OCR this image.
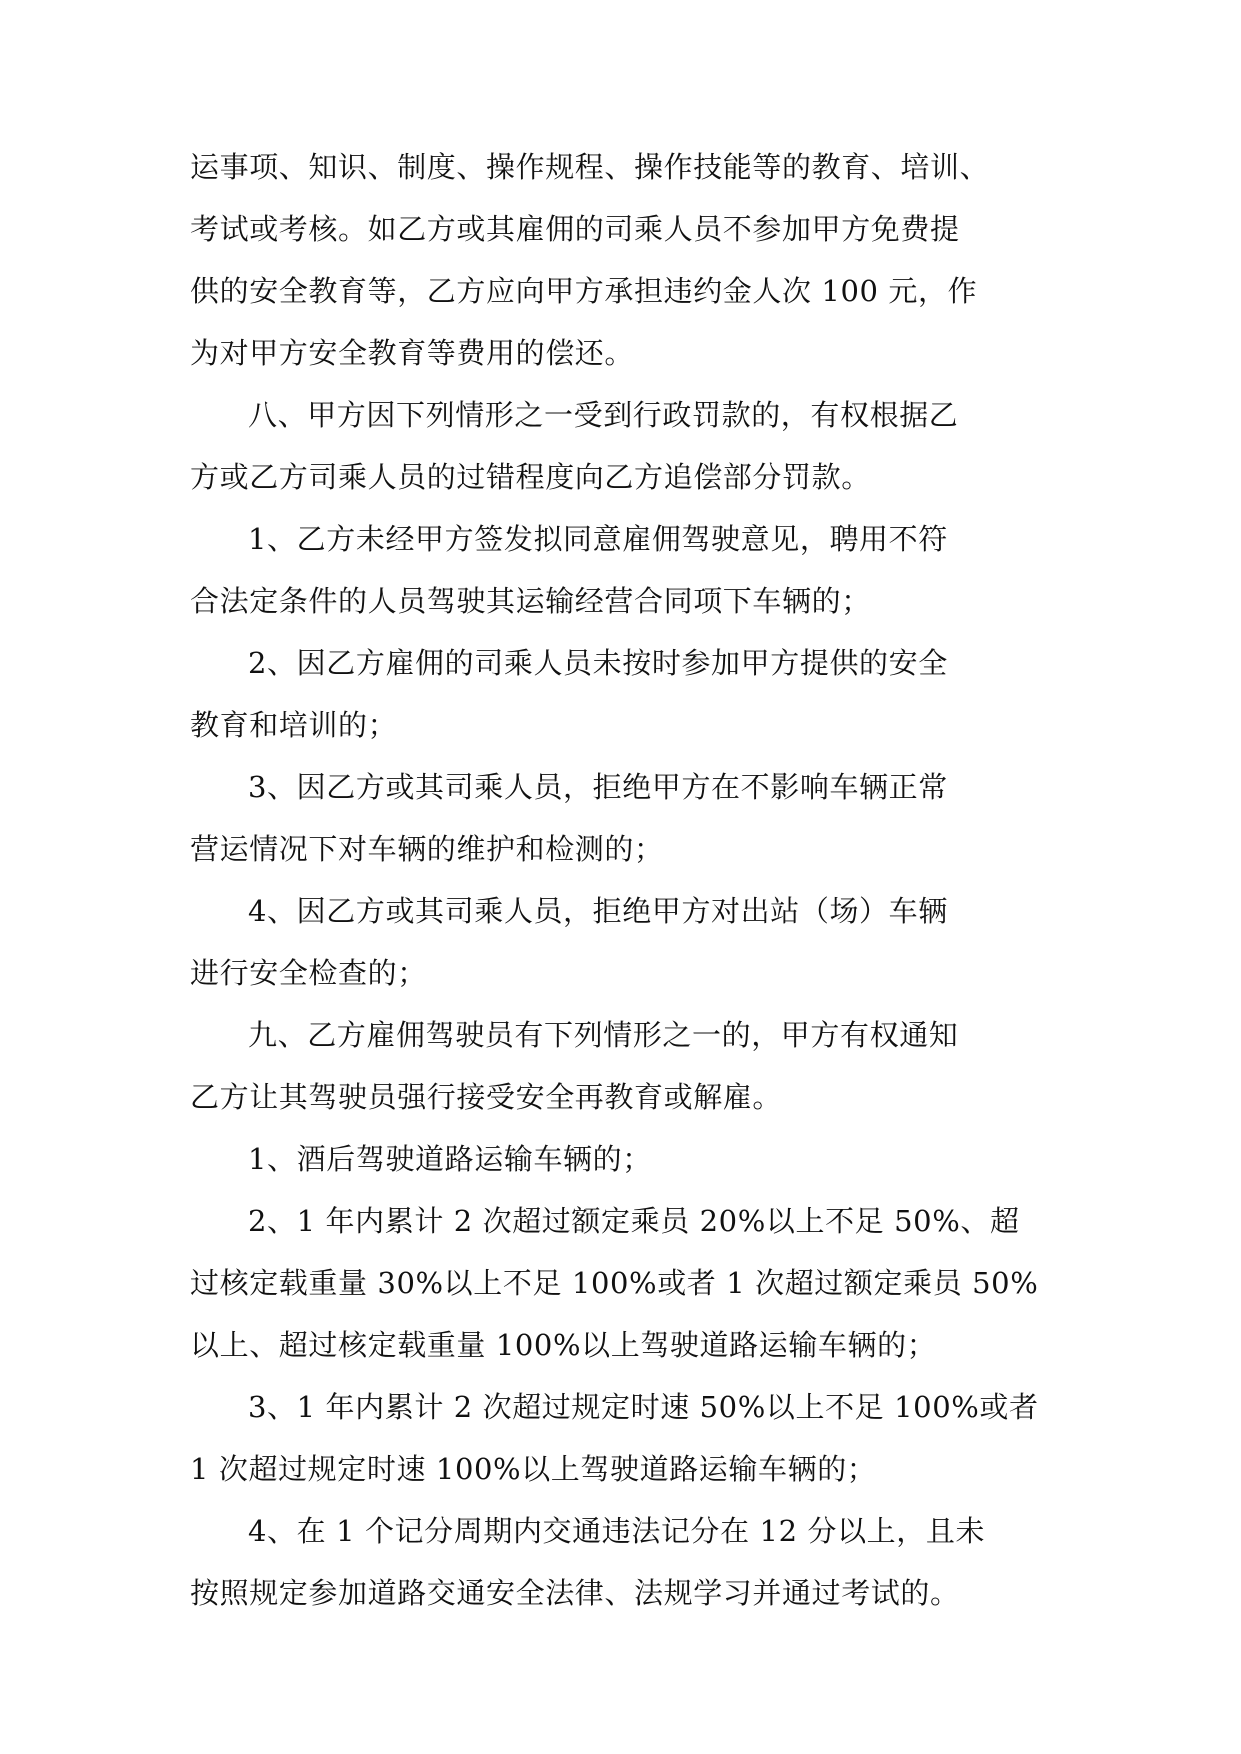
运事项、知识、制度、操作规程、操作技能等的教育、培训、
考试或考核。如乙方或其雇佣的司乘人员不参加甲方免费提
供的安全教育等，乙方应向甲方承担违约金人次 100 元，作
为对甲方安全教育等费用的偿还。
八、甲方因下列情形之一受到行政罚款的，有权根据乙
方或乙方司乘人员的过错程度向乙方追偿部分罚款。
1、乙方未经甲方签发拟同意雇佣驾驶意见，聘用不符
合法定条件的人员驾驶其运输经营合同项下车辆的；
2、因乙方雇佣的司乘人员未按时参加甲方提供的安全
教育和培训的；
3、因乙方或其司乘人员，拒绝甲方在不影响车辆正常
营运情况下对车辆的维护和检测的；
4、因乙方或其司乘人员，拒绝甲方对出站（场）车辆
进行安全检查的；
九、乙方雇佣驾驶员有下列情形之一的，甲方有权通知
乙方让其驾驶员强行接受安全再教育或解雇。
1、酒后驾驶道路运输车辆的；
2、1 年内累计 2 次超过额定乘员 20%以上不足 50%、超
过核定载重量 30%以上不足 100%或者 1 次超过额定乘员 50%
以上、超过核定载重量 100%以上驾驶道路运输车辆的；
3、1 年内累计 2 次超过规定时速 50%以上不足 100%或者
1 次超过规定时速 100%以上驾驶道路运输车辆的；
4、在 1 个记分周期内交通违法记分在 12 分以上，且未
按照规定参加道路交通安全法律、法规学习并通过考试的。
